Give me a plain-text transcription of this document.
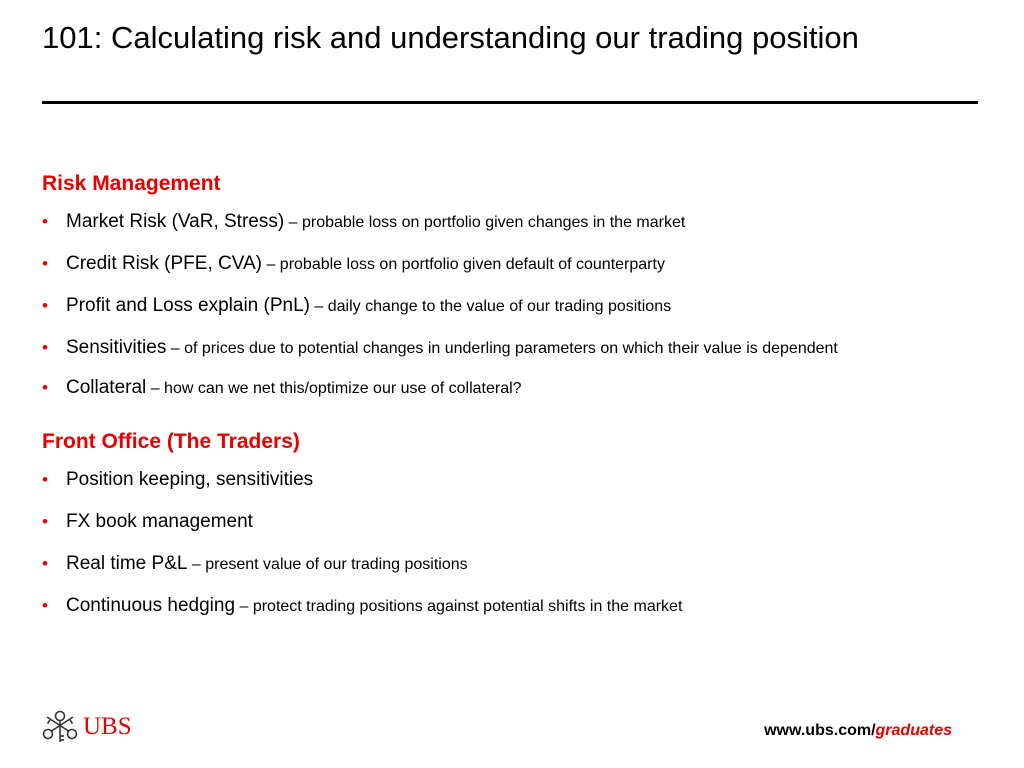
101: Calculating risk and understanding our trading position
Risk Management
• Market Risk (VaR, Stress) – probable loss on portfolio given changes in the market
• Credit Risk (PFE, CVA) – probable loss on portfolio given default of counterparty
• Profit and Loss explain (PnL) – daily change to the value of our trading positions
• Sensitivities – of prices due to potential changes in underling parameters on which their value is dependent
• Collateral – how can we net this/optimize our use of collateral?
Front Office (The Traders)
• Position keeping, sensitivities
• FX book management
• Real time P&L – present value of our trading positions
• Continuous hedging – protect trading positions against potential shifts in the market
UBS	www.ubs.com/graduates
